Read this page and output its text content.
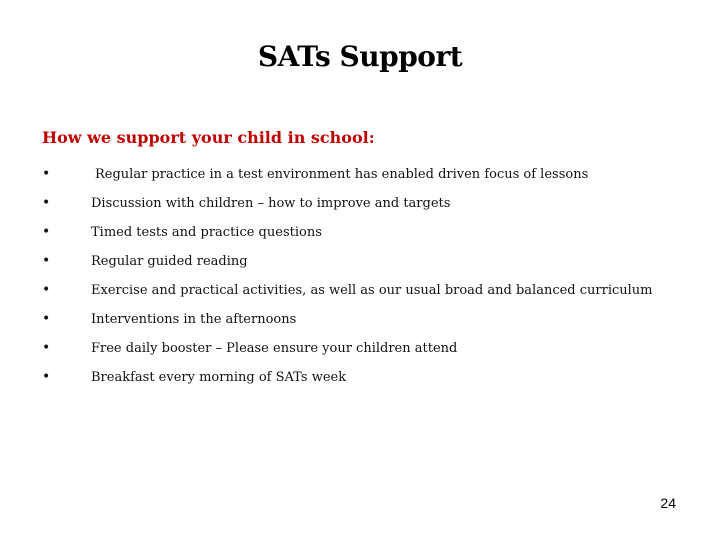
SATs Support
How we support your child in school:
•	Regular practice in a test environment has enabled driven focus of lessons
•	Discussion with children – how to improve and targets
•	Timed tests and practice questions
•	Regular guided reading
•	Exercise and practical activities, as well as our usual broad and balanced curriculum
•	Interventions in the afternoons
•	Free daily booster – Please ensure your children attend
•	Breakfast every morning of SATs week
24
